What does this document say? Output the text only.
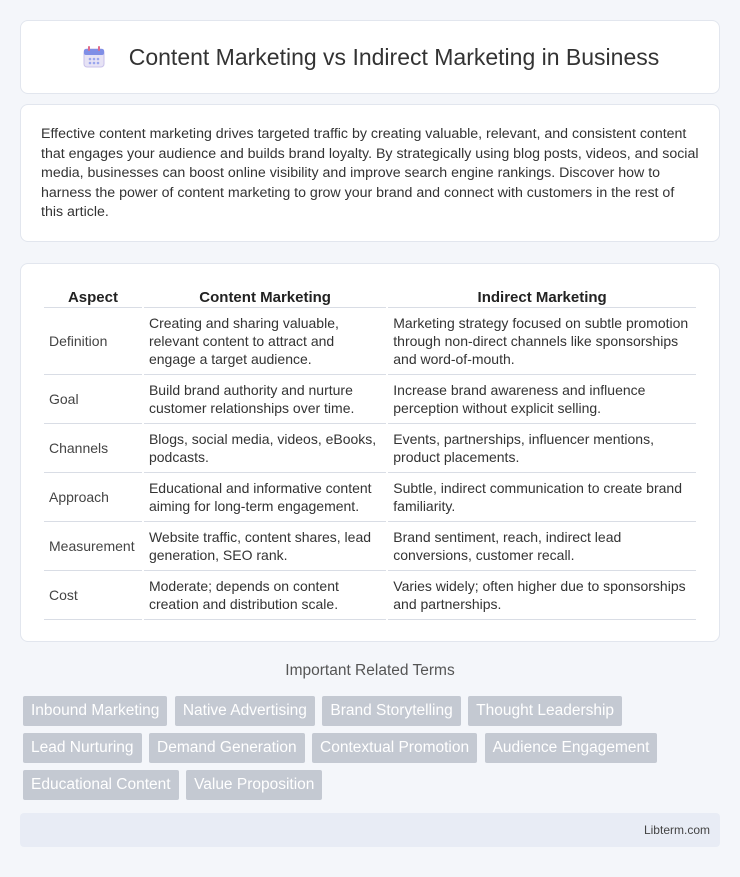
Content Marketing vs Indirect Marketing in Business

Effective content marketing drives targeted traffic by creating valuable, relevant, and consistent content that engages your audience and builds brand loyalty. By strategically using blog posts, videos, and social media, businesses can boost online visibility and improve search engine rankings. Discover how to harness the power of content marketing to grow your brand and connect with customers in the rest of this article.

Aspect	Content Marketing	Indirect Marketing
Definition	Creating and sharing valuable, relevant content to attract and engage a target audience.	Marketing strategy focused on subtle promotion through non-direct channels like sponsorships and word-of-mouth.
Goal	Build brand authority and nurture customer relationships over time.	Increase brand awareness and influence perception without explicit selling.
Channels	Blogs, social media, videos, eBooks, podcasts.	Events, partnerships, influencer mentions, product placements.
Approach	Educational and informative content aiming for long-term engagement.	Subtle, indirect communication to create brand familiarity.
Measurement	Website traffic, content shares, lead generation, SEO rank.	Brand sentiment, reach, indirect lead conversions, customer recall.
Cost	Moderate; depends on content creation and distribution scale.	Varies widely; often higher due to sponsorships and partnerships.
Important Related Terms
Inbound Marketing Native Advertising Brand Storytelling Thought Leadership
Lead Nurturing Demand Generation Contextual Promotion Audience Engagement
Educational Content Value Proposition
Libterm.com
